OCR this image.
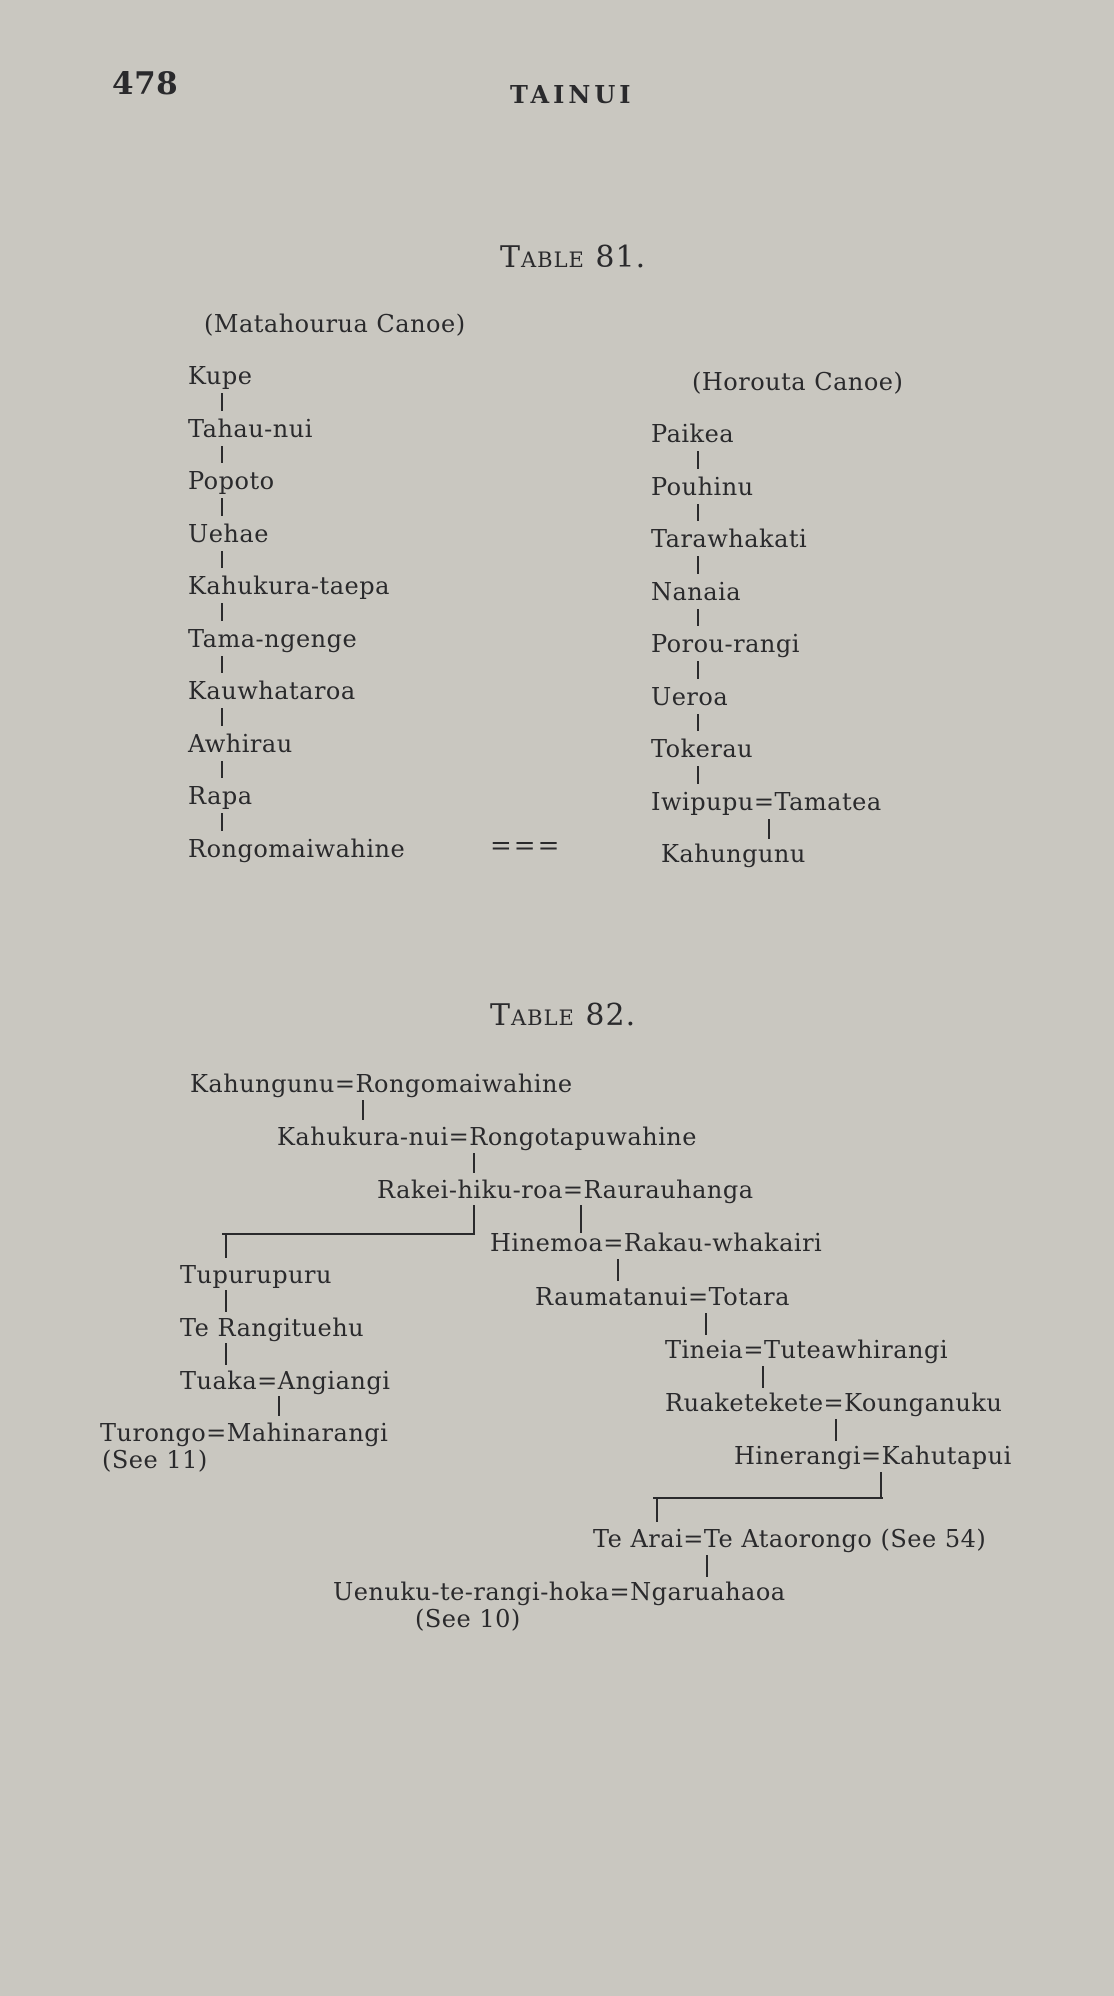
478	TAINUI
Table 81.
(Matahourua Canoe)
Kupe
Tahau-nui
Popoto
Uehae
Kahukura-taepa
Tama-ngenge
Kauwhataroa
Awhirau
Rapa
Rongomaiwahine	===
(Horouta Canoe)
Paikea
Pouhinu
Tarawhakati
Nanaia
Porou-rangi
Ueroa
Tokerau
Iwipupu=Tamatea
Kahungunu
Table 82.
Kahungunu=Rongomaiwahine
Kahukura-nui=Rongotapuwahine
Rakei-hiku-roa=Raurauhanga
Hinemoa=Rakau-whakairi
Tupurupuru
Te Rangituehu
Tuaka=Angiangi
Turongo=Mahinarangi
(See 11)
Raumatanui=Totara
Tineia=Tuteawhirangi
Ruaketekete=Kounganuku
Hinerangi=Kahutapui
Te Arai=Te Ataorongo (See 54)
Uenuku-te-rangi-hoka=Ngaruahaoa
(See 10)
